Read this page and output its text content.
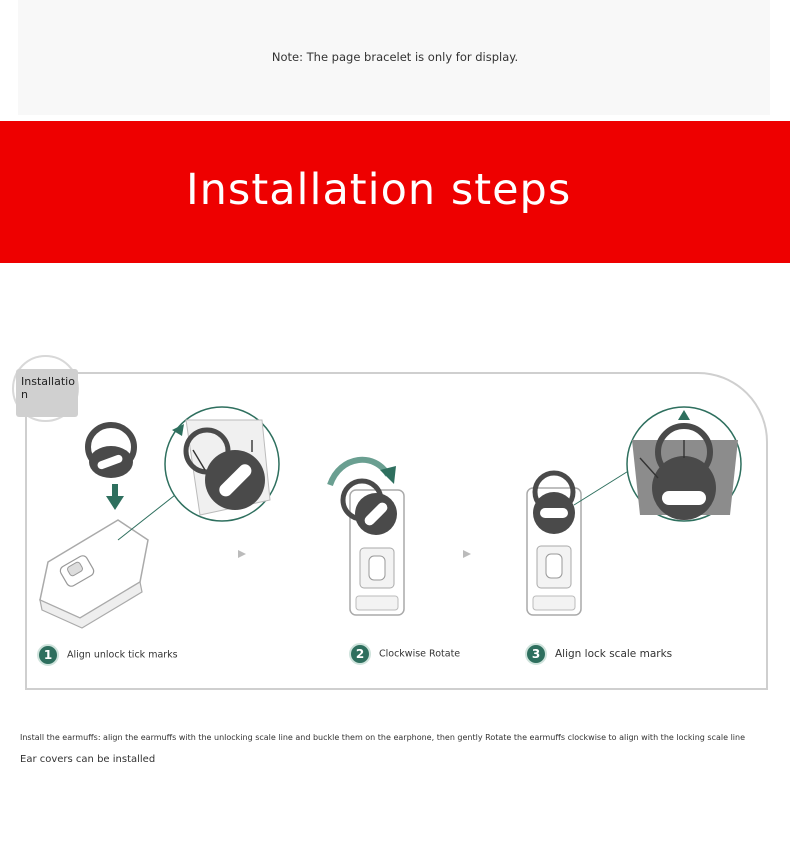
Note: The page bracelet is only for display.
Installation steps
Installation
1 Align unlock tick marks	2 Clockwise Rotate	3 Align lock scale marks
Install the earmuffs: align the earmuffs with the unlocking scale line and buckle them on the earphone, then gently Rotate the earmuffs clockwise to align with the locking scale line
Ear covers can be installed
